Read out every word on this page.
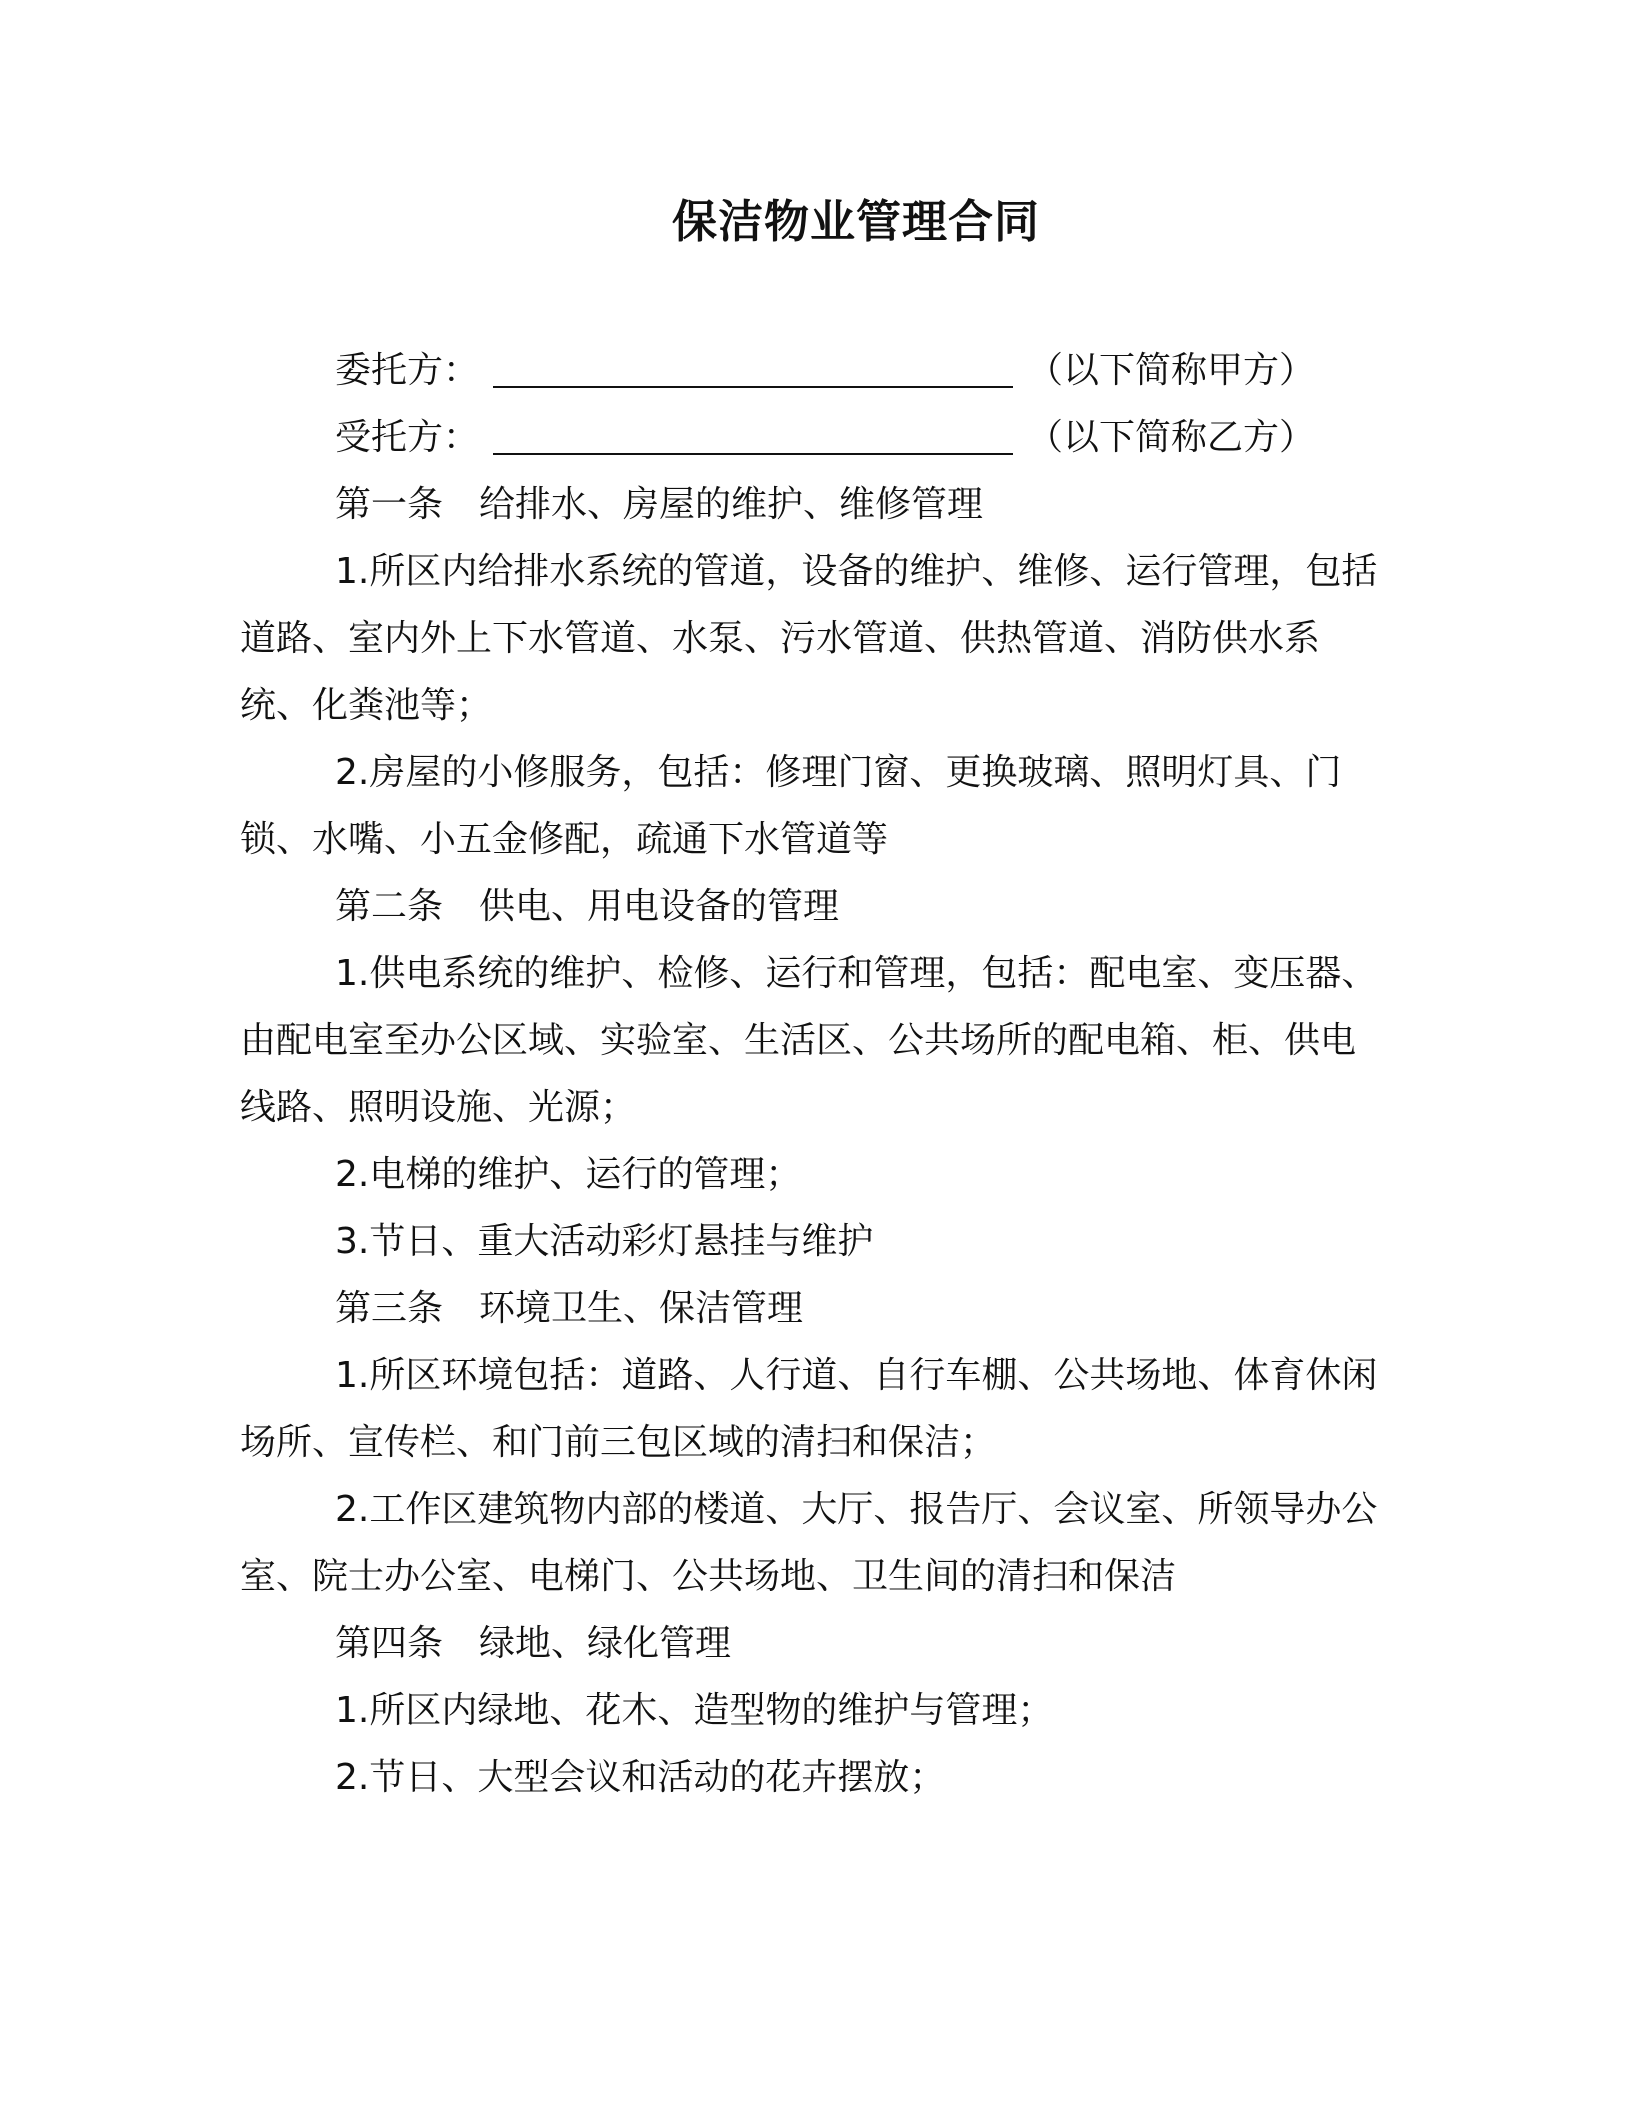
保洁物业管理合同
委托方：	（以下简称甲方）
受托方：	（以下简称乙方）
第一条 给排水、房屋的维护、维修管理

1.所区内给排水系统的管道，设备的维护、维修、运行管理，包括道路、室内外上下水管道、水泵、污水管道、供热管道、消防供水系统、化粪池等；

2.房屋的小修服务，包括：修理门窗、更换玻璃、照明灯具、门锁、水嘴、小五金修配，疏通下水管道等

第二条 供电、用电设备的管理

1.供电系统的维护、检修、运行和管理，包括：配电室、变压器、由配电室至办公区域、实验室、生活区、公共场所的配电箱、柜、供电线路、照明设施、光源；

2.电梯的维护、运行的管理；

3.节日、重大活动彩灯悬挂与维护

第三条 环境卫生、保洁管理

1.所区环境包括：道路、人行道、自行车棚、公共场地、体育休闲场所、宣传栏、和门前三包区域的清扫和保洁；

2.工作区建筑物内部的楼道、大厅、报告厅、会议室、所领导办公室、院士办公室、电梯门、公共场地、卫生间的清扫和保洁

第四条 绿地、绿化管理

1.所区内绿地、花木、造型物的维护与管理；

2.节日、大型会议和活动的花卉摆放；
